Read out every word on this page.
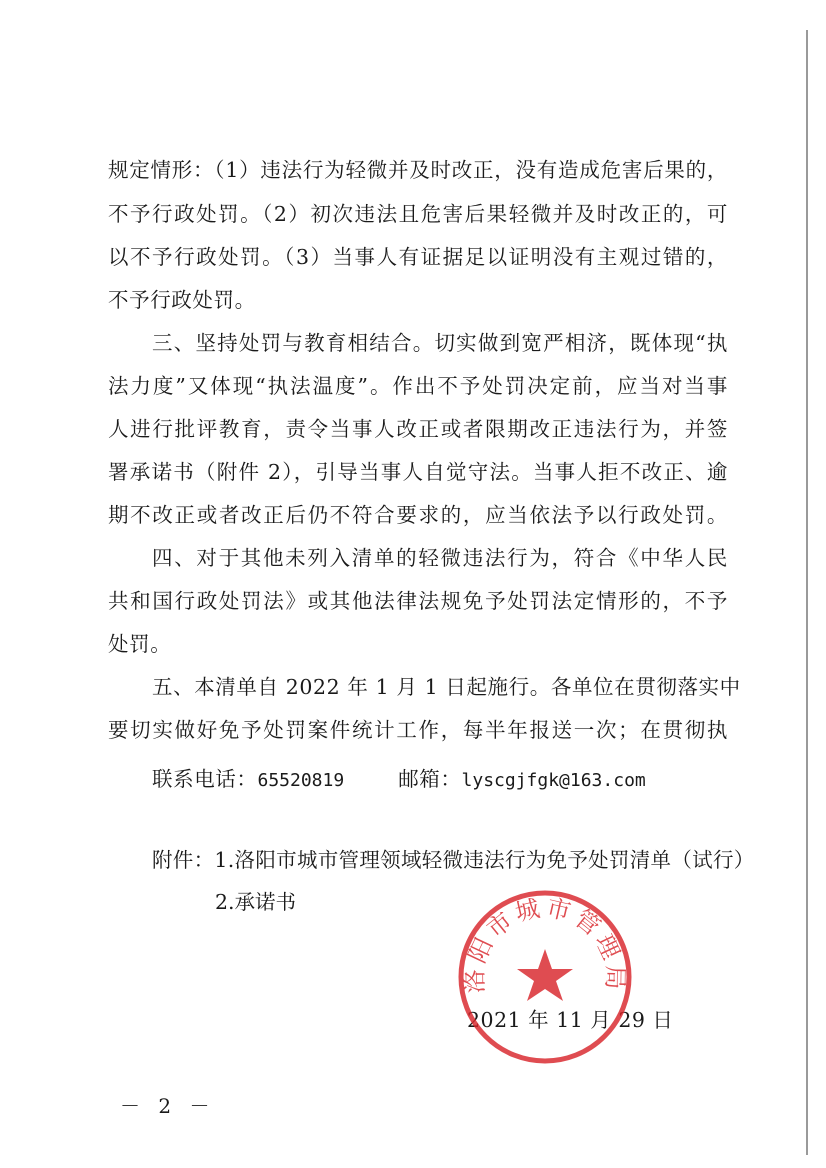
规定情形：（1）违法行为轻微并及时改正，没有造成危害后果的，
不予行政处罚。（2）初次违法且危害后果轻微并及时改正的，可
以不予行政处罚。（3）当事人有证据足以证明没有主观过错的，
不予行政处罚。
三、坚持处罚与教育相结合。切实做到宽严相济，既体现“执
法力度”又体现“执法温度”。作出不予处罚决定前，应当对当事
人进行批评教育，责令当事人改正或者限期改正违法行为，并签
署承诺书（附件 2），引导当事人自觉守法。当事人拒不改正、逾
期不改正或者改正后仍不符合要求的，应当依法予以行政处罚。
四、对于其他未列入清单的轻微违法行为，符合《中华人民
共和国行政处罚法》或其他法律法规免予处罚法定情形的，不予
处罚。
五、本清单自 2022 年 1 月 1 日起施行。各单位在贯彻落实中
要切实做好免予处罚案件统计工作，每半年报送一次；在贯彻执
联系电话：65520819	邮箱：lyscgjfgk@163.com
附件：1.洛阳市城市管理领域轻微违法行为免予处罚清单（试行）
2.承诺书
2021 年 11 月 29 日
洛阳市城市管理局
－ 2 －
